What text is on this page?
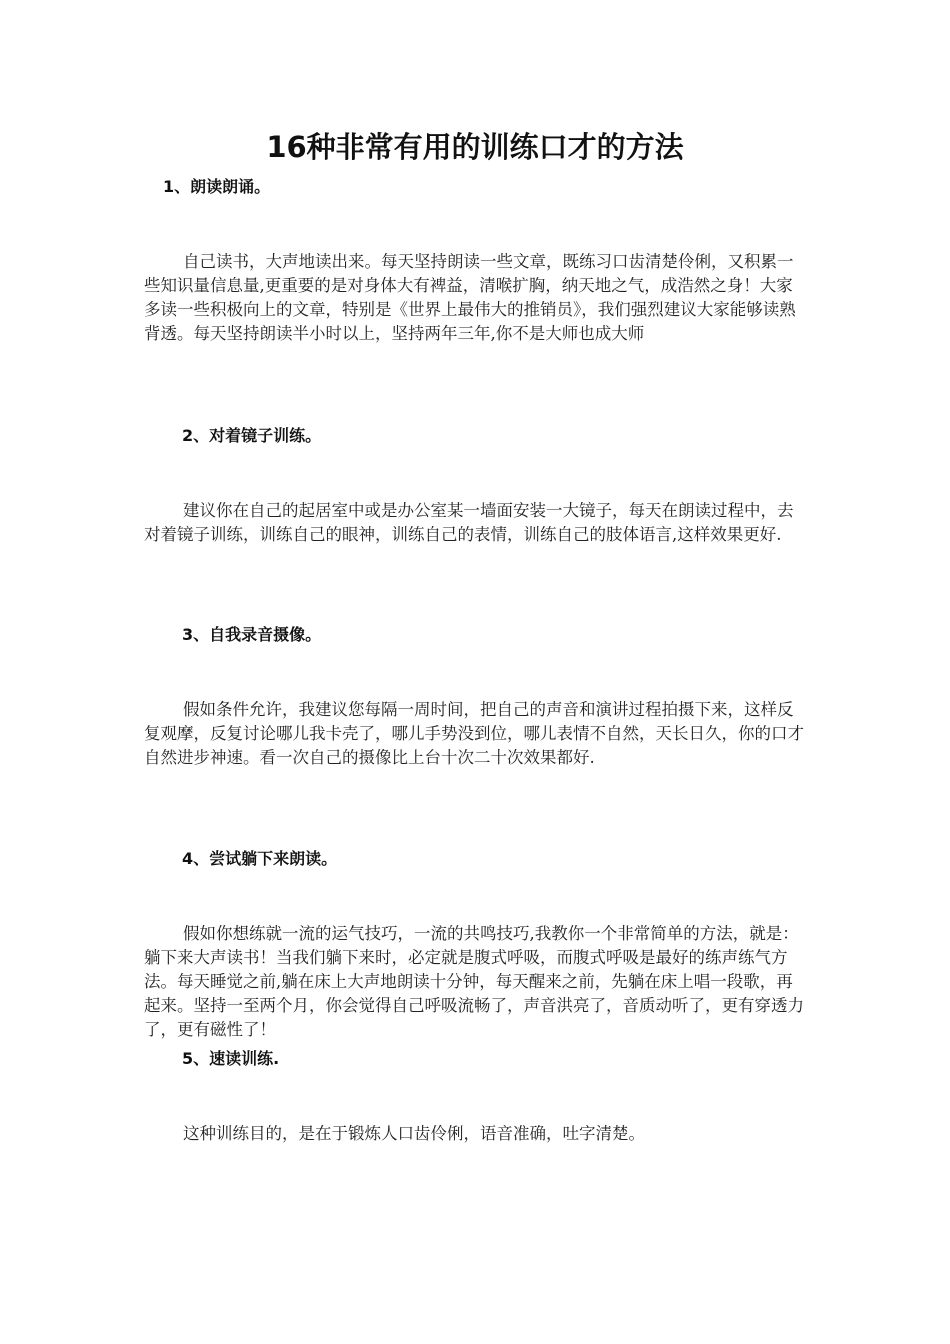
16种非常有用的训练口才的方法
1、朗读朗诵。

自己读书，大声地读出来。每天坚持朗读一些文章，既练习口齿清楚伶俐，又积累一些知识量信息量,更重要的是对身体大有裨益，清喉扩胸，纳天地之气，成浩然之身！大家多读一些积极向上的文章，特别是《世界上最伟大的推销员》，我们强烈建议大家能够读熟背透。每天坚持朗读半小时以上，坚持两年三年,你不是大师也成大师

2、对着镜子训练。

建议你在自己的起居室中或是办公室某一墙面安装一大镜子，每天在朗读过程中，去对着镜子训练，训练自己的眼神，训练自己的表情，训练自己的肢体语言,这样效果更好.

3、自我录音摄像。

假如条件允许，我建议您每隔一周时间，把自己的声音和演讲过程拍摄下来，这样反复观摩，反复讨论哪儿我卡壳了，哪儿手势没到位，哪儿表情不自然，天长日久，你的口才自然进步神速。看一次自己的摄像比上台十次二十次效果都好.

4、尝试躺下来朗读。

假如你想练就一流的运气技巧，一流的共鸣技巧,我教你一个非常简单的方法，就是：躺下来大声读书！当我们躺下来时，必定就是腹式呼吸，而腹式呼吸是最好的练声练气方法。每天睡觉之前,躺在床上大声地朗读十分钟，每天醒来之前，先躺在床上唱一段歌，再起来。坚持一至两个月，你会觉得自己呼吸流畅了，声音洪亮了，音质动听了，更有穿透力了，更有磁性了！

5、速读训练.

这种训练目的，是在于锻炼人口齿伶俐，语音准确，吐字清楚。
